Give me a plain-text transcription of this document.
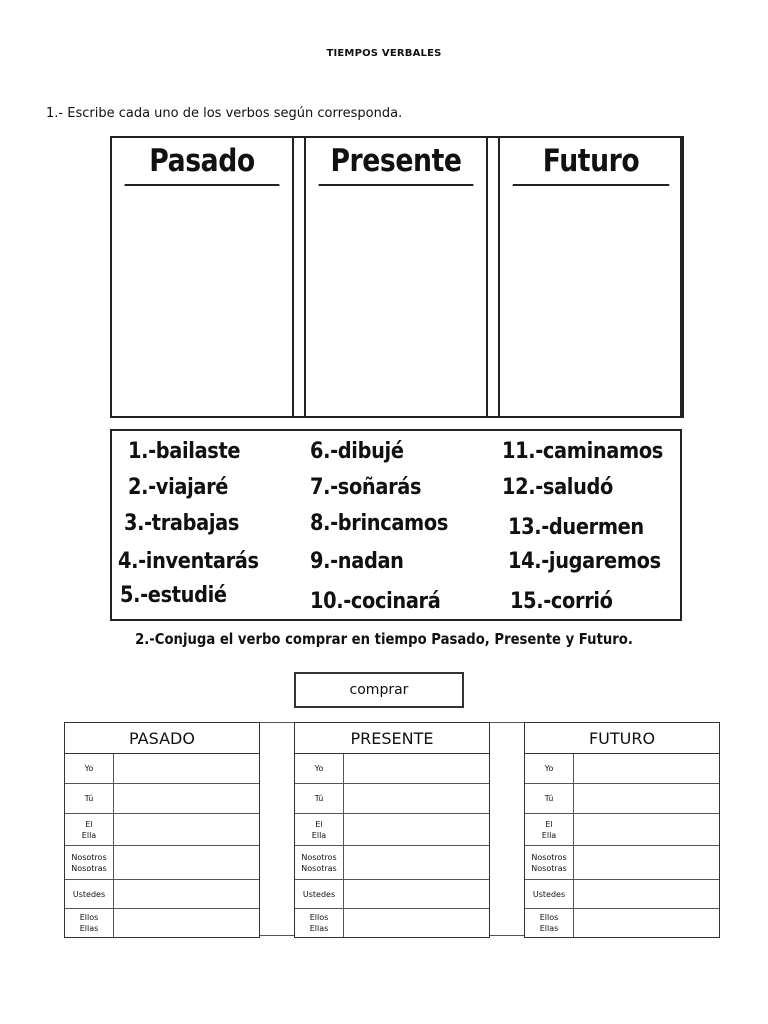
TIEMPOS VERBALES
1.- Escribe cada uno de los verbos según corresponda.
Pasado	Presente	Futuro
1.-bailaste
2.-viajaré
3.-trabajas
4.-inventarás
5.-estudié
6.-dibujé
7.-soñarás
8.-brincamos
9.-nadan
10.-cocinará
11.-caminamos
12.-saludó
13.-duermen
14.-jugaremos
15.-corrió
2.-Conjuga el verbo comprar en tiempo Pasado, Presente y Futuro.
comprar
PASADO
Yo
Tú
El
Ella
Nosotros
Nosotras
Ustedes
Ellos
Ellas
PRESENTE
Yo
Tú
El
Ella
Nosotros
Nosotras
Ustedes
Ellos
Ellas
FUTURO
Yo
Tú
El
Ella
Nosotros
Nosotras
Ustedes
Ellos
Ellas
